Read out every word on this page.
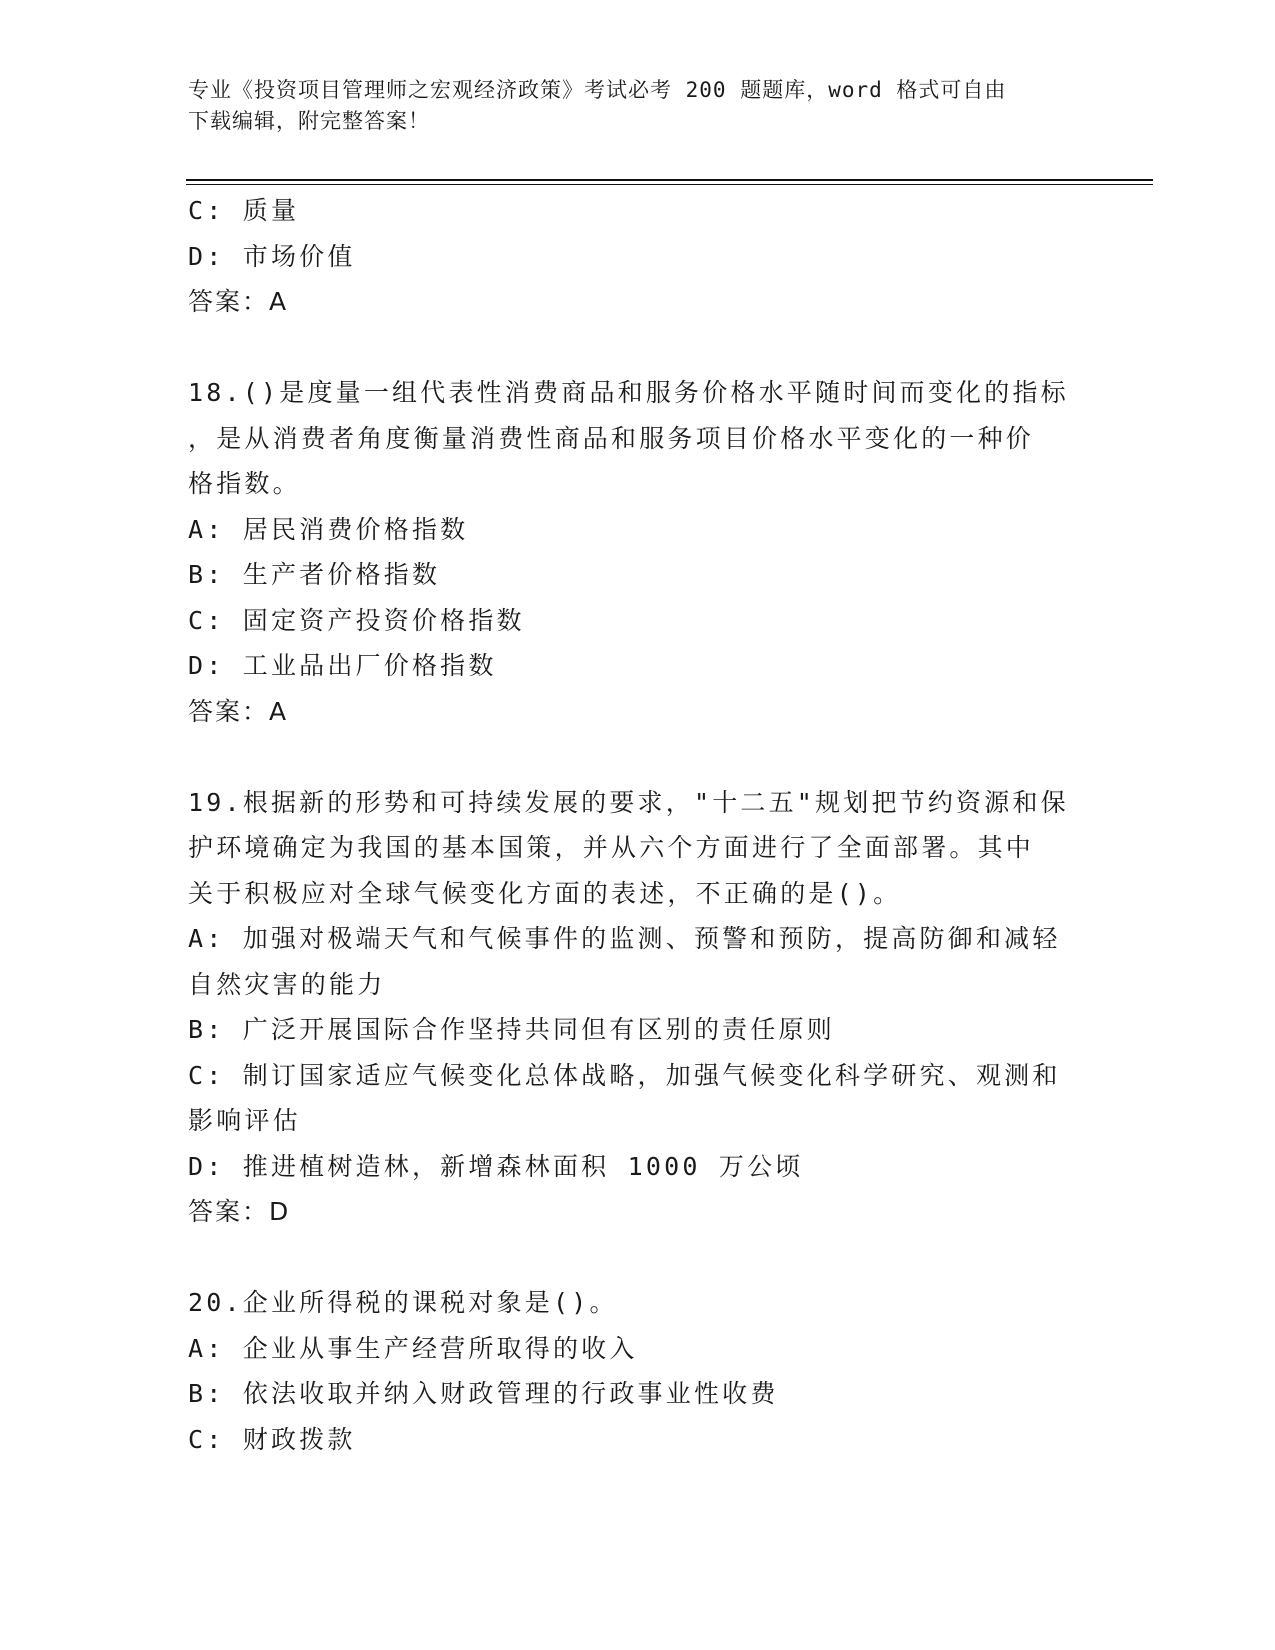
专业《投资项目管理师之宏观经济政策》考试必考 200 题题库，word 格式可自由
下载编辑，附完整答案！
C: 质量
D: 市场价值
答案：A
18.()是度量一组代表性消费商品和服务价格水平随时间而变化的指标
，是从消费者角度衡量消费性商品和服务项目价格水平变化的一种价
格指数。
A: 居民消费价格指数
B: 生产者价格指数
C: 固定资产投资价格指数
D: 工业品出厂价格指数
答案：A
19.根据新的形势和可持续发展的要求，"十二五"规划把节约资源和保
护环境确定为我国的基本国策，并从六个方面进行了全面部署。其中
关于积极应对全球气候变化方面的表述，不正确的是()。
A: 加强对极端天气和气候事件的监测、预警和预防，提高防御和减轻
自然灾害的能力
B: 广泛开展国际合作坚持共同但有区别的责任原则
C: 制订国家适应气候变化总体战略，加强气候变化科学研究、观测和
影响评估
D: 推进植树造林，新增森林面积 1000 万公顷
答案：D
20.企业所得税的课税对象是()。
A: 企业从事生产经营所取得的收入
B: 依法收取并纳入财政管理的行政事业性收费
C: 财政拨款
